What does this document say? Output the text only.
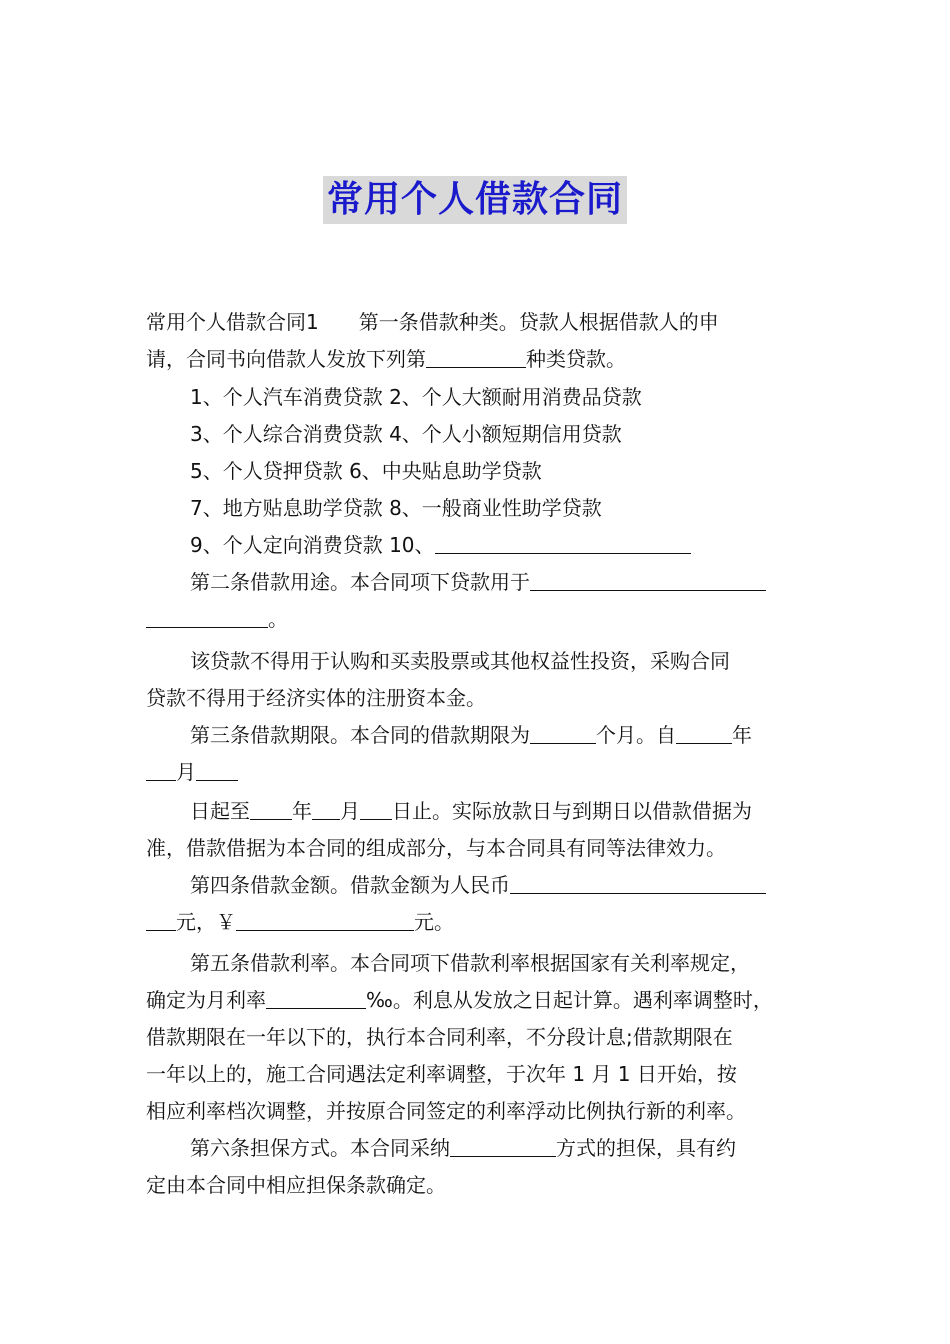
常用个人借款合同
常用个人借款合同1　　第一条借款种类。贷款人根据借款人的申
请，合同书向借款人发放下列第	种类贷款。
1、个人汽车消费贷款 2、个人大额耐用消费品贷款
3、个人综合消费贷款 4、个人小额短期信用贷款
5、个人贷押贷款 6、中央贴息助学贷款
7、地方贴息助学贷款 8、一般商业性助学贷款
9、个人定向消费贷款 10、
第二条借款用途。本合同项下贷款用于
。
该贷款不得用于认购和买卖股票或其他权益性投资，采购合同
贷款不得用于经济实体的注册资本金。
第三条借款期限。本合同的借款期限为	个月。自	年
月
日起至 年 月 日止。实际放款日与到期日以借款借据为
准，借款借据为本合同的组成部分，与本合同具有同等法律效力。
第四条借款金额。借款金额为人民币
元，￥	元。
第五条借款利率。本合同项下借款利率根据国家有关利率规定，
确定为月利率	‰。利息从发放之日起计算。遇利率调整时，
借款期限在一年以下的，执行本合同利率，不分段计息;借款期限在
一年以上的，施工合同遇法定利率调整，于次年 1 月 1 日开始，按
相应利率档次调整，并按原合同签定的利率浮动比例执行新的利率。
第六条担保方式。本合同采纳	方式的担保，具有约
定由本合同中相应担保条款确定。
